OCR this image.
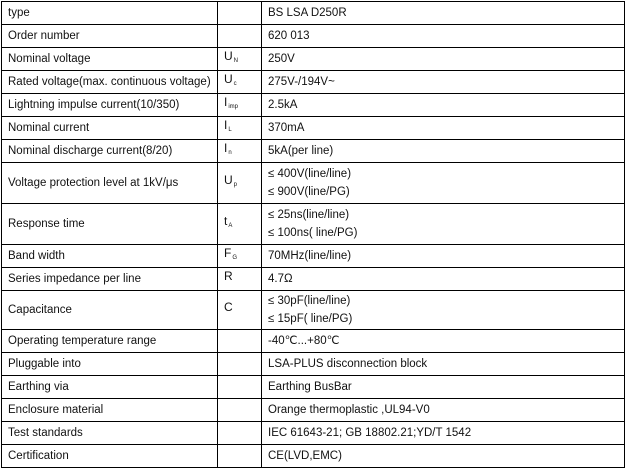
type		BS LSA D250R

Order number		620 013

Nominal voltage	UN	250V

Rated voltage(max. continuous voltage)	Uc	275V-/194V~

Lightning impulse current(10/350)	Iimp	2.5kA

Nominal current	IL	370mA

Nominal discharge current(8/20)	In	5kA(per line)

Voltage protection level at 1kV/μs	Up	≤ 400V(line/line)
≤ 900V(line/PG)

Response time	tA	≤ 25ns(line/line)
≤ 100ns( line/PG)

Band width	FG	70MHz(line/line)

Series impedance per line	R	4.7Ω

Capacitance	C	≤ 30pF(line/line)
≤ 15pF( line/PG)

Operating temperature range		-40℃...+80℃

Pluggable into		LSA-PLUS disconnection block

Earthing via		Earthing BusBar

Enclosure material		Orange thermoplastic ,UL94-V0

Test standards		IEC 61643-21; GB 18802.21;YD/T 1542

Certification		CE(LVD,EMC)
